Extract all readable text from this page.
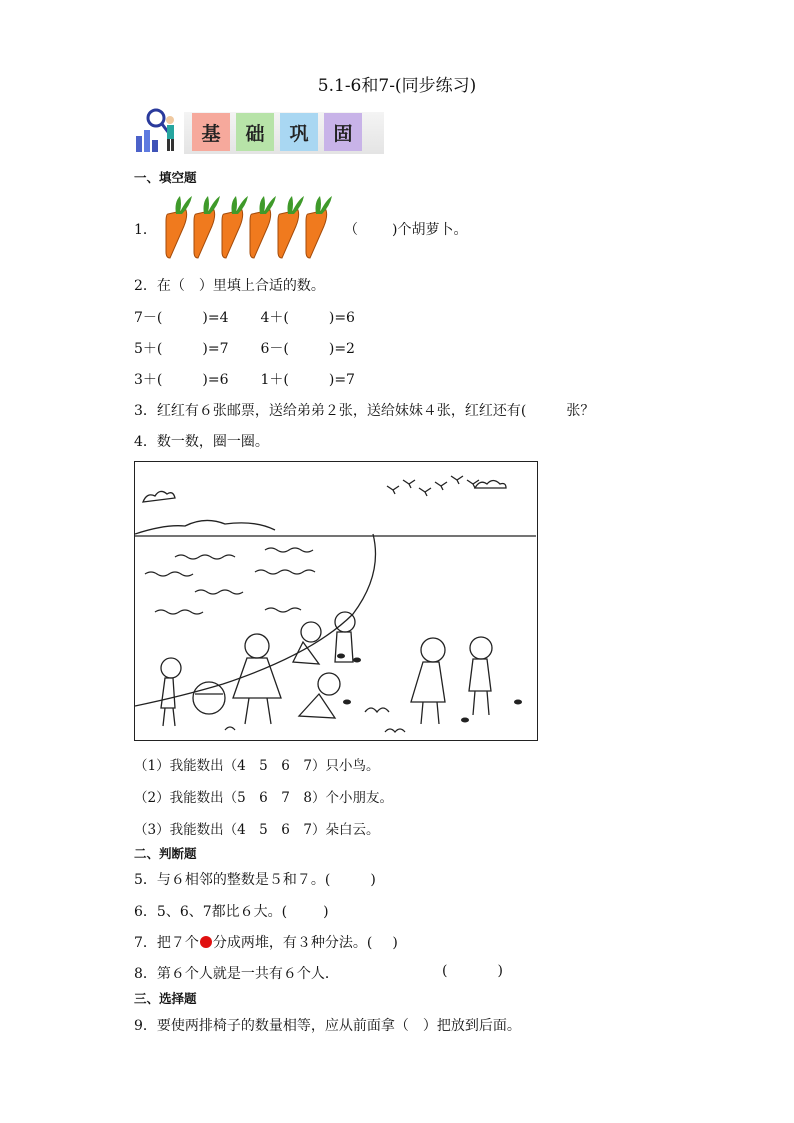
5.1-6和7-(同步练习)
基	础	巩	固
一、填空题
1．	（ )个胡萝卜。
2．在（　）里填上合适的数。
7－(	)=4 4＋(	)=6
5＋(	)=7 6－(	)=2
3＋(	)=6 1＋(	)=7
3．红红有６张邮票，送给弟弟２张，送给妹妹４张，红红还有(	张？
4．数一数，圈一圈。
（1）我能数出（4　5　6　7）只小鸟。
（2）我能数出（5　6　7　8）个小朋友。
（3）我能数出（4　5　6　7）朵白云。
二、判断题
5．与６相邻的整数是５和７。(	)
6．5、6、7都比６大。(	)
7．把７个 分成两堆，有３种分法。( )
8．第６个人就是一共有６个人．	(	)
三、选择题
9．要使两排椅子的数量相等，应从前面拿（　）把放到后面。
